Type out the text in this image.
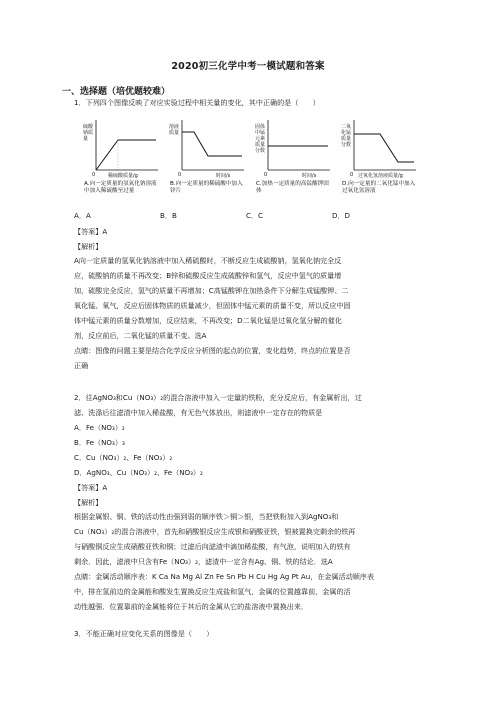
2020初三化学中考一模试题和答案
一、选择题（培优题较难）
1．下列四个图像反映了对应实验过程中相关量的变化，其中正确的是（　　）
0
硫酸钠质量
稀硫酸质量/g
A.向一定质量的氢氧化钠溶液中加入稀硫酸至过量
0
溶液质量
时间/s
B.向一定质量的稀硫酸中加入锌片
0
固体中锰元素质量分数
时间/s
C.加热一定质量的高锰酸钾固体
0
二氧化锰质量分数
过氧化氢溶液质量/g
D.向一定量的二氧化锰中加入过氧化氢溶液
A．A	B．B	C．C	D．D
【答案】A
【解析】
A向一定质量的氢氧化钠溶液中加入稀硫酸时，不断反应生成硫酸钠，氢氧化钠完全反
应，硫酸钠的质量不再改变；B锌和硫酸反应生成硫酸锌和氢气，反应中氢气的质量增
加，硫酸完全反应，氢气的质量不再增加；C高锰酸钾在加热条件下分解生成锰酸钾、二
氧化锰、氧气，反应后固体物质的质量减少，但固体中锰元素的质量不变，所以反应中固
体中锰元素的质量分数增加，反应结束，不再改变；D二氧化锰是过氧化氢分解的催化
剂，反应前后，二氧化锰的质量不变。选A
点睛：图像的问题主要是结合化学反应分析图的起点的位置，变化趋势，终点的位置是否
正确
2．往AgNO₃和Cu（NO₃）₂的混合溶液中加入一定量的铁粉，充分反应后，有金属析出，过
滤、洗涤后往滤渣中加入稀盐酸，有无色气体放出，则滤液中一定存在的物质是
A．Fe（NO₃）₂
B．Fe（NO₃）₃
C．Cu（NO₃）₂、Fe（NO₃）₂
D．AgNO₃、Cu（NO₃）₂、Fe（NO₃）₂
【答案】A
【解析】
根据金属银、铜、铁的活动性由强到弱的顺序铁＞铜＞银，当把铁粉加入到AgNO₃和
Cu（NO₃）₂的混合溶液中，首先和硝酸银反应生成银和硝酸亚铁，银被置换完剩余的铁再
与硝酸铜反应生成硝酸亚铁和铜；过滤后向滤渣中滴加稀盐酸，有气泡，说明加入的铁有
剩余．因此，滤液中只含有Fe（NO₃）₂，滤渣中一定含有Ag、铜、铁的结论．选A
点睛：金属活动顺序表：K Ca Na Mg Al Zn Fe Sn Pb H Cu Hg Ag Pt Au，在金属活动顺序表
中，排在氢前边的金属能和酸发生置换反应生成盐和氢气，金属的位置越靠前，金属的活
动性越强．位置靠前的金属能将位于其后的金属从它的盐溶液中置换出来．
3．不能正确对应变化关系的图像是（　　）
